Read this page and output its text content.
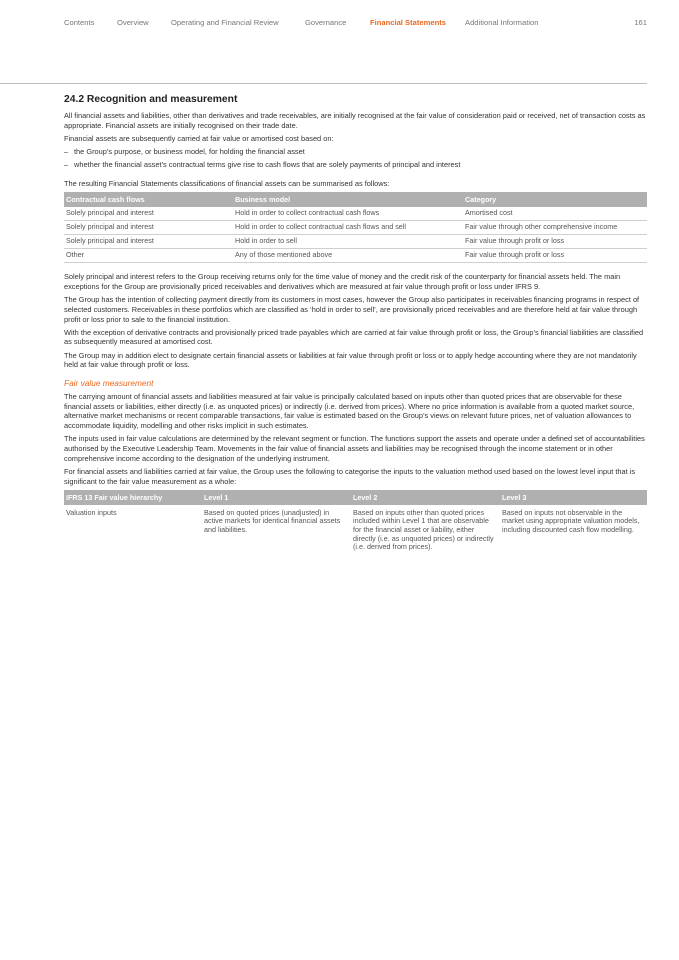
Contents	Overview	Operating and Financial Review	Governance	Financial Statements	Additional Information	161
24.2 Recognition and measurement

All financial assets and liabilities, other than derivatives and trade receivables, are initially recognised at the fair value of consideration paid or received, net of transaction costs as appropriate. Financial assets are initially recognised on their trade date.

Financial assets are subsequently carried at fair value or amortised cost based on:

– the Group’s purpose, or business model, for holding the financial asset
– whether the financial asset’s contractual terms give rise to cash flows that are solely payments of principal and interest

The resulting Financial Statements classifications of financial assets can be summarised as follows:

Contractual cash flows	Business model	Category
Solely principal and interest	Hold in order to collect contractual cash flows	Amortised cost
Solely principal and interest	Hold in order to collect contractual cash flows and sell	Fair value through other comprehensive income
Solely principal and interest	Hold in order to sell	Fair value through profit or loss
Other	Any of those mentioned above	Fair value through profit or loss

Solely principal and interest refers to the Group receiving returns only for the time value of money and the credit risk of the counterparty for financial assets held. The main exceptions for the Group are provisionally priced receivables and derivatives which are measured at fair value through profit or loss under IFRS 9.

The Group has the intention of collecting payment directly from its customers in most cases, however the Group also participates in receivables financing programs in respect of selected customers. Receivables in these portfolios which are classified as ‘hold in order to sell’, are provisionally priced receivables and are therefore held at fair value through profit or loss prior to sale to the financial institution.

With the exception of derivative contracts and provisionally priced trade payables which are carried at fair value through profit or loss, the Group’s financial liabilities are classified as subsequently measured at amortised cost.

The Group may in addition elect to designate certain financial assets or liabilities at fair value through profit or loss or to apply hedge accounting where they are not mandatorily held at fair value through profit or loss.

Fair value measurement

The carrying amount of financial assets and liabilities measured at fair value is principally calculated based on inputs other than quoted prices that are observable for these financial assets or liabilities, either directly (i.e. as unquoted prices) or indirectly (i.e. derived from prices). Where no price information is available from a quoted market source, alternative market mechanisms or recent comparable transactions, fair value is estimated based on the Group’s views on relevant future prices, net of valuation allowances to accommodate liquidity, modelling and other risks implicit in such estimates.

The inputs used in fair value calculations are determined by the relevant segment or function. The functions support the assets and operate under a defined set of accountabilities authorised by the Executive Leadership Team. Movements in the fair value of financial assets and liabilities may be recognised through the income statement or in other comprehensive income according to the designation of the underlying instrument.

For financial assets and liabilities carried at fair value, the Group uses the following to categorise the inputs to the valuation method used based on the lowest level input that is significant to the fair value measurement as a whole:

IFRS 13 Fair value hierarchy	Level 1	Level 2	Level 3
Valuation inputs	Based on quoted prices (unadjusted) in active markets for identical financial assets and liabilities.	Based on inputs other than quoted prices included within Level 1 that are observable for the financial asset or liability, either directly (i.e. as unquoted prices) or indirectly (i.e. derived from prices).	Based on inputs not observable in the market using appropriate valuation models, including discounted cash flow modelling.
